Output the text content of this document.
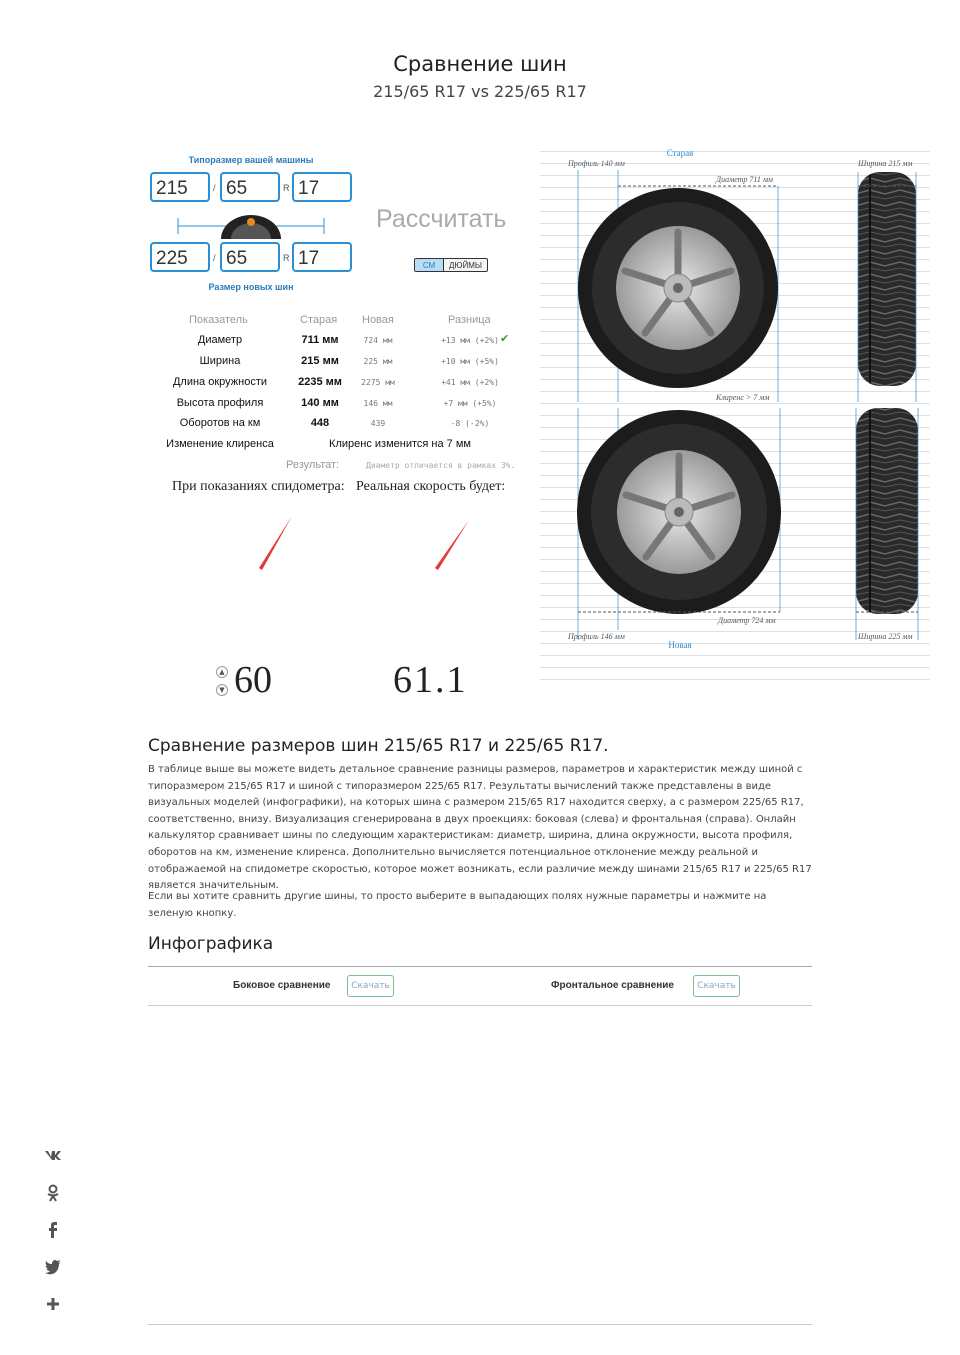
Сравнение шин
215/65 R17 vs 225/65 R17
Типоразмер вашей машины
215	/ 65	R 17
225	/ 65	R 17
Размер новых шин
Рассчитать
СМ	ДЮЙМЫ
Показатель	Старая Новая	Разница
Диаметр	711 мм	724 мм	+13 мм (+2%) ✔
Ширина	215 мм	225 мм	+10 мм (+5%)
Длина окружности	2235 мм	2275 мм	+41 мм (+2%)
Высота профиля	140 мм	146 мм	+7 мм (+5%)
Оборотов на км	448	439	-8 (-2%)
Изменение клиренса	Клиренс изменится на 7 мм
Результат:	Диаметр отличается в рамках 3%.
При показаниях спидометра: Реальная скорость будет:
▲
▼ 60	61.1
Старая
Профиль 140 мм	Ширина 215 мм
Диаметр 711 мм
Клиренс > 7 мм
Диаметр 724 мм
Профиль 146 мм	Ширина 225 мм
Новая
Сравнение размеров шин 215/65 R17 и 225/65 R17.
В таблице выше вы можете видеть детальное сравнение разницы размеров, параметров и характеристик между шиной с типоразмером 215/65 R17 и шиной с типоразмером 225/65 R17. Результаты вычислений также представлены в виде визуальных моделей (инфографики), на которых шина с размером 215/65 R17 находится сверху, а с размером 225/65 R17, соответственно, внизу. Визуализация сгенерирована в двух проекциях: боковая (слева) и фронтальная (справа). Онлайн калькулятор сравнивает шины по следующим характеристикам: диаметр, ширина, длина окружности, высота профиля, оборотов на км, изменение клиренса. Дополнительно вычисляется потенциальное отклонение между реальной и отображаемой на спидометре скоростью, которое может возникать, если различие между шинами 215/65 R17 и 225/65 R17 является значительным.
Если вы хотите сравнить другие шины, то просто выберите в выпадающих полях нужные параметры и нажмите на зеленую кнопку.
Инфографика
Боковое сравнение	Скачать	Фронтальное сравнение	Скачать
